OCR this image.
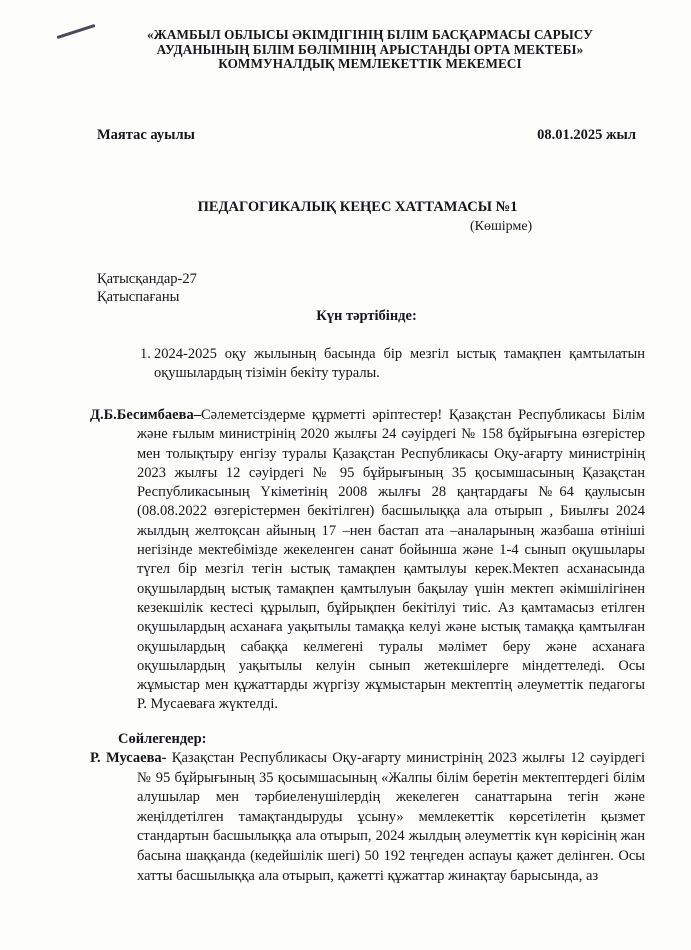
«ЖАМБЫЛ ОБЛЫСЫ ӘКІМДІГІНІҢ БІЛІМ БАСҚАРМАСЫ САРЫСУ
АУДАНЫНЫҢ БІЛІМ БӨЛІМІНІҢ АРЫСТАНДЫ ОРТА МЕКТЕБІ»
КОММУНАЛДЫҚ МЕМЛЕКЕТТІК МЕКЕМЕСІ
Маятас ауылы	08.01.2025 жыл
ПЕДАГОГИКАЛЫҚ КЕҢЕС ХАТТАМАСЫ №1
(Көшірме)
Қатысқандар-27
Қатыспағаны
Күн тәртібінде:
1. 2024-2025 оқу жылының басында бір мезгіл ыстық тамақпен қамтылатын оқушылардың тізімін бекіту туралы.
Д.Б.Бесимбаева–Сәлеметсіздерме құрметті әріптестер! Қазақстан Республикасы Білім және ғылым министрінің 2020 жылғы 24 сәуірдегі № 158 бұйрығына өзгерістер мен толықтыру енгізу туралы Қазақстан Республикасы Оқу-ағарту министрінің 2023 жылғы 12 сәуірдегі № 95 бұйрығының 35 қосымшасының Қазақстан Республикасының Үкіметінің 2008 жылғы 28 қаңтардағы №64 қаулысын (08.08.2022 өзгерістермен бекітілген) басшылыққа ала отырып , Биылғы 2024 жылдың желтоқсан айының 17 –нен бастап ата –аналарының жазбаша өтініші негізінде мектебімізде жекеленген санат бойынша және 1-4 сынып оқушылары түгел бір мезгіл тегін ыстық тамақпен қамтылуы керек.Мектеп асханасында оқушылардың ыстық тамақпен қамтылуын бақылау үшін мектеп әкімшілігінен кезекшілік кестесі құрылып, бұйрықпен бекітілуі тиіс. Аз қамтамасыз етілген оқушылардың асханаға уақытылы тамаққа келуі және ыстық тамаққа қамтылған оқушылардың сабаққа келмегені туралы мәлімет беру және асханаға оқушылардың уақытылы келуін сынып жетекшілерге міндеттеледі. Осы жұмыстар мен құжаттарды жүргізу жұмыстарын мектептің әлеуметтік педагогы Р. Мусаеваға жүктелді.
Сөйлегендер:
Р. Мусаева- Қазақстан Республикасы Оқу-ағарту министрінің 2023 жылғы 12 сәуірдегі № 95 бұйрығының 35 қосымшасының «Жалпы білім беретін мектептердегі білім алушылар мен тәрбиеленушілердің жекелеген санаттарына тегін және жеңілдетілген тамақтандыруды ұсыну» мемлекеттік көрсетілетін қызмет стандартын басшылыққа ала отырып, 2024 жылдың әлеуметтік күн көрісінің жан басына шаққанда (кедейшілік шегі) 50 192 теңгеден аспауы қажет делінген. Осы хатты басшылыққа ала отырып, қажетті құжаттар жинақтау барысында, аз
